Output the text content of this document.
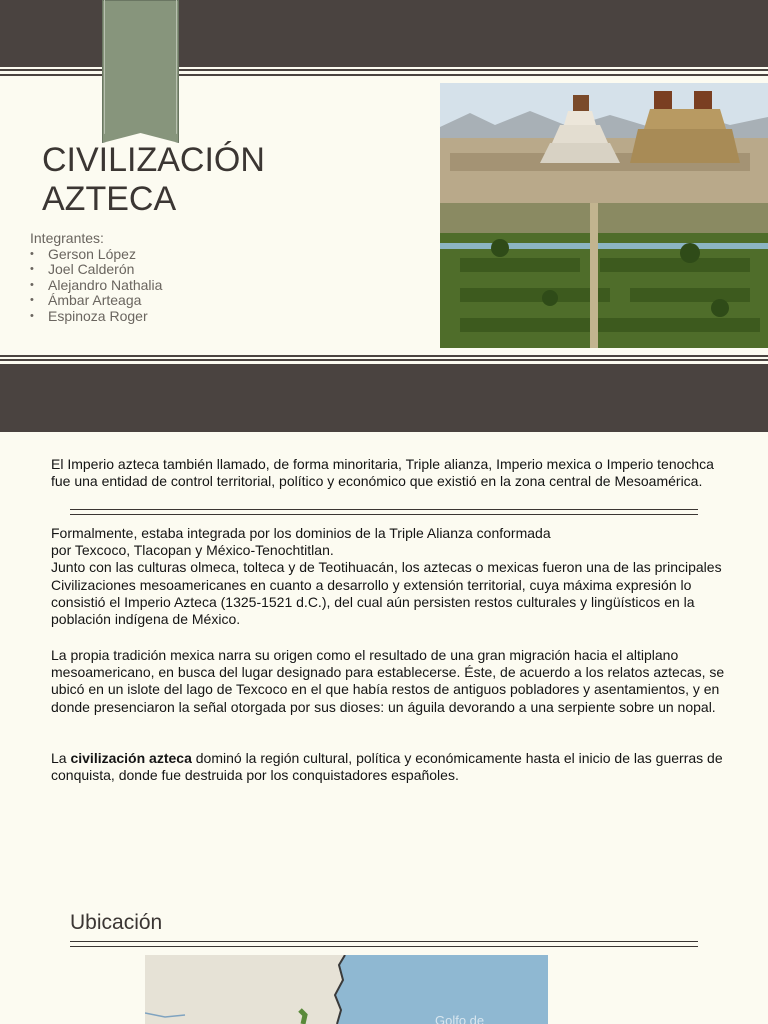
CIVILIZACIÓN
AZTECA
Integrantes:
• Gerson López
• Joel Calderón
• Alejandro Nathalia
• Ámbar Arteaga
• Espinoza Roger

El Imperio azteca también llamado, de forma minoritaria, Triple alianza, Imperio mexica o Imperio tenochca fue una entidad de control territorial, político y económico que existió en la zona central de Mesoamérica.

Formalmente, estaba integrada por los dominios de la Triple Alianza conformada
por Texcoco, Tlacopan y México-Tenochtitlan.
Junto con las culturas olmeca, tolteca y de Teotihuacán, los aztecas o mexicas fueron una de las principales Civilizaciones mesoamericanes en cuanto a desarrollo y extensión territorial, cuya máxima expresión lo consistió el Imperio Azteca (1325-1521 d.C.), del cual aún persisten restos culturales y lingüísticos en la población indígena de México.

La propia tradición mexica narra su origen como el resultado de una gran migración hacia el altiplano mesoamericano, en busca del lugar designado para establecerse. Éste, de acuerdo a los relatos aztecas, se ubicó en un islote del lago de Texcoco en el que había restos de antiguos pobladores y asentamientos, y en donde presenciaron la señal otorgada por sus dioses: un águila devorando a una serpiente sobre un nopal.

La civilización azteca dominó la región cultural, política y económicamente hasta el inicio de las guerras de conquista, donde fue destruida por los conquistadores españoles.

Ubicación
Golfo de
